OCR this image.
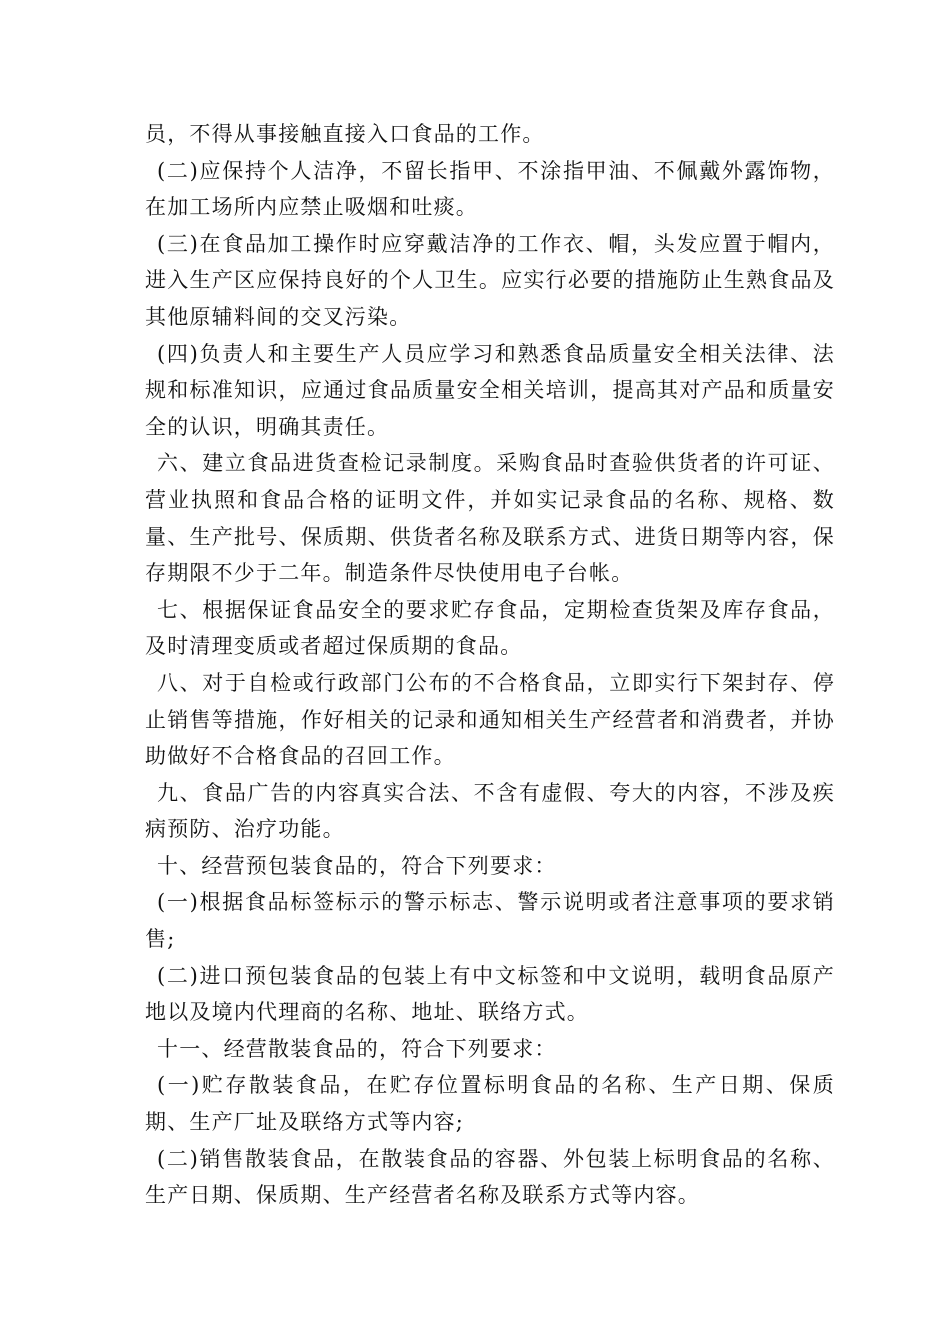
员，不得从事接触直接入口食品的工作。

(二)应保持个人洁净，不留长指甲、不涂指甲油、不佩戴外露饰物，在加工场所内应禁止吸烟和吐痰。

(三)在食品加工操作时应穿戴洁净的工作衣、帽，头发应置于帽内，进入生产区应保持良好的个人卫生。应实行必要的措施防止生熟食品及其他原辅料间的交叉污染。

(四)负责人和主要生产人员应学习和熟悉食品质量安全相关法律、法规和标准知识，应通过食品质量安全相关培训，提高其对产品和质量安全的认识，明确其责任。

六、建立食品进货查检记录制度。采购食品时查验供货者的许可证、营业执照和食品合格的证明文件，并如实记录食品的名称、规格、数量、生产批号、保质期、供货者名称及联系方式、进货日期等内容，保存期限不少于二年。制造条件尽快使用电子台帐。

七、根据保证食品安全的要求贮存食品，定期检查货架及库存食品，及时清理变质或者超过保质期的食品。

八、对于自检或行政部门公布的不合格食品，立即实行下架封存、停止销售等措施，作好相关的记录和通知相关生产经营者和消费者，并协助做好不合格食品的召回工作。

九、食品广告的内容真实合法、不含有虚假、夸大的内容，不涉及疾病预防、治疗功能。

十、经营预包装食品的，符合下列要求：

(一)根据食品标签标示的警示标志、警示说明或者注意事项的要求销售;

(二)进口预包装食品的包装上有中文标签和中文说明，载明食品原产地以及境内代理商的名称、地址、联络方式。

十一、经营散装食品的，符合下列要求：

(一)贮存散装食品，在贮存位置标明食品的名称、生产日期、保质期、生产厂址及联络方式等内容;

(二)销售散装食品，在散装食品的容器、外包装上标明食品的名称、生产日期、保质期、生产经营者名称及联系方式等内容。
